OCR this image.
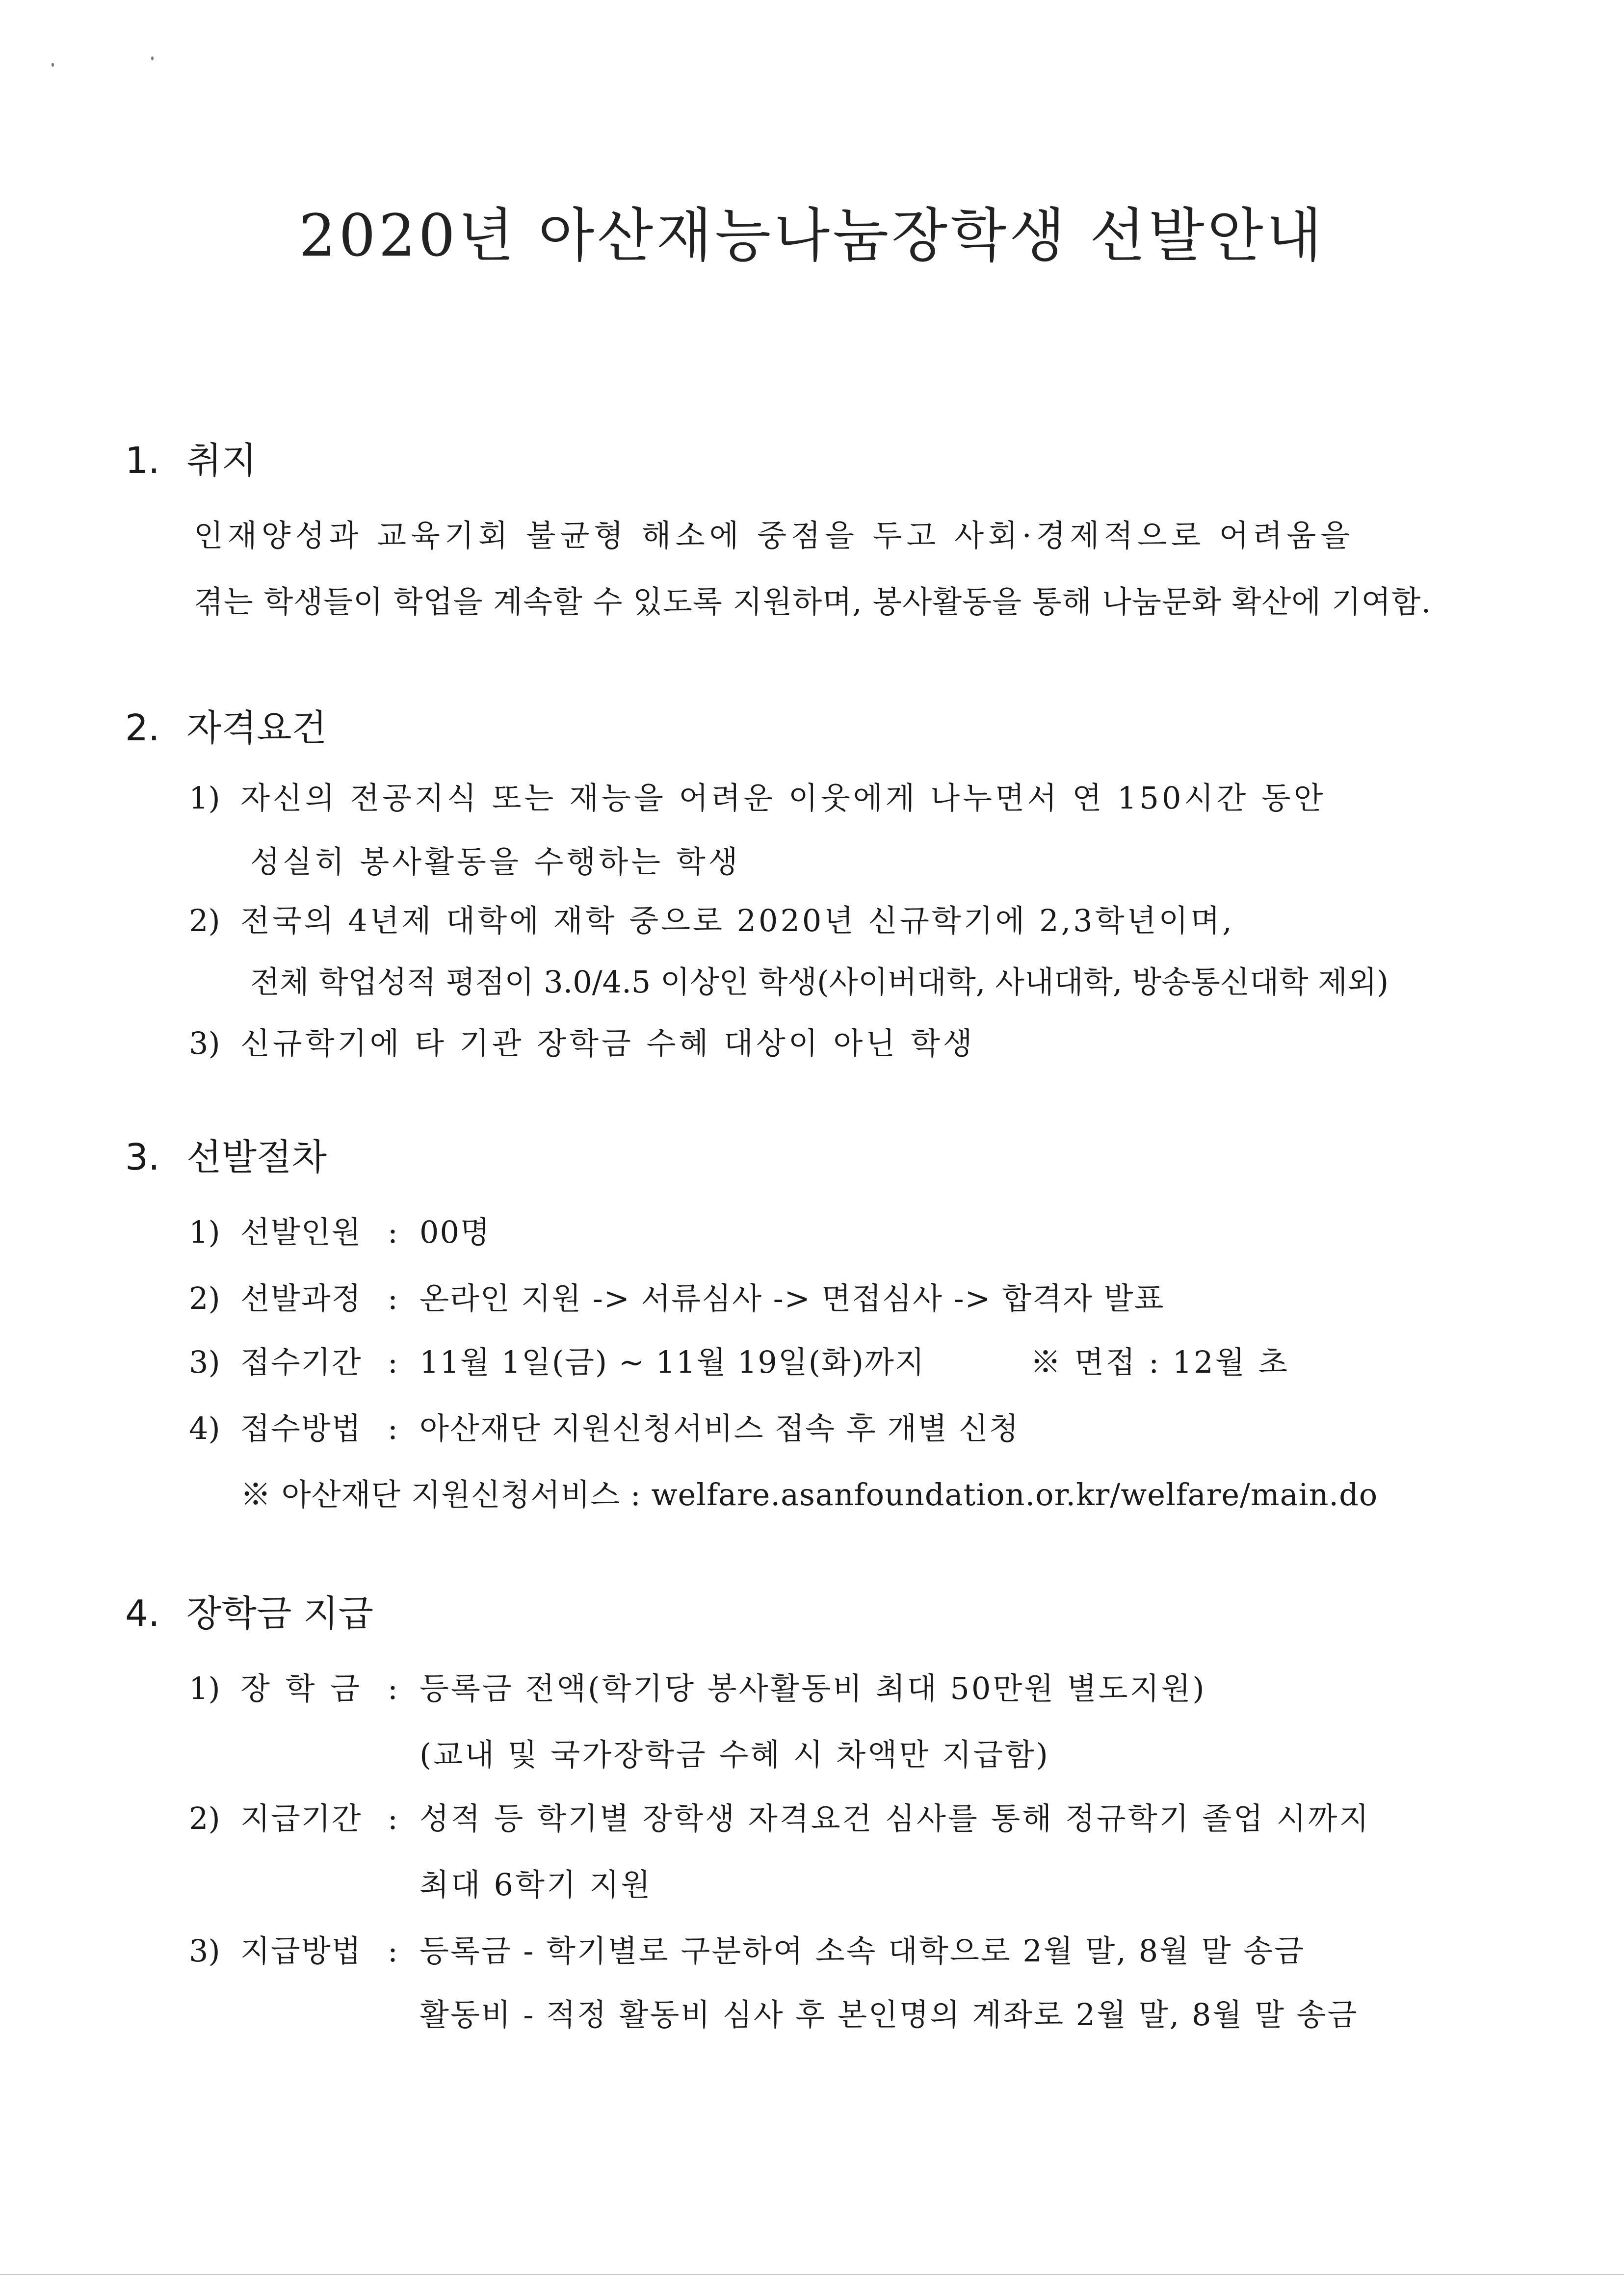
2020년 아산재능나눔장학생 선발안내
1. 취지
인재양성과 교육기회 불균형 해소에 중점을 두고 사회·경제적으로 어려움을
겪는 학생들이 학업을 계속할 수 있도록 지원하며, 봉사활동을 통해 나눔문화 확산에 기여함.
2. 자격요건
1) 자신의 전공지식 또는 재능을 어려운 이웃에게 나누면서 연 150시간 동안
성실히 봉사활동을 수행하는 학생
2) 전국의 4년제 대학에 재학 중으로 2020년 신규학기에 2,3학년이며,
전체 학업성적 평점이 3.0/4.5 이상인 학생(사이버대학, 사내대학, 방송통신대학 제외)
3) 신규학기에 타 기관 장학금 수혜 대상이 아닌 학생
3. 선발절차
1) 선발인원 : 00명
2) 선발과정 : 온라인 지원 -> 서류심사 -> 면접심사 -> 합격자 발표
3) 접수기간 : 11월 1일(금) ∼ 11월 19일(화)까지	※ 면접 : 12월 초
4) 접수방법 : 아산재단 지원신청서비스 접속 후 개별 신청
※ 아산재단 지원신청서비스 : welfare.asanfoundation.or.kr/welfare/main.do
4. 장학금 지급
1) 장 학 금 : 등록금 전액(학기당 봉사활동비 최대 50만원 별도지원)
(교내 및 국가장학금 수혜 시 차액만 지급함)
2) 지급기간 : 성적 등 학기별 장학생 자격요건 심사를 통해 정규학기 졸업 시까지
최대 6학기 지원
3) 지급방법 : 등록금 - 학기별로 구분하여 소속 대학으로 2월 말, 8월 말 송금
활동비 - 적정 활동비 심사 후 본인명의 계좌로 2월 말, 8월 말 송금
